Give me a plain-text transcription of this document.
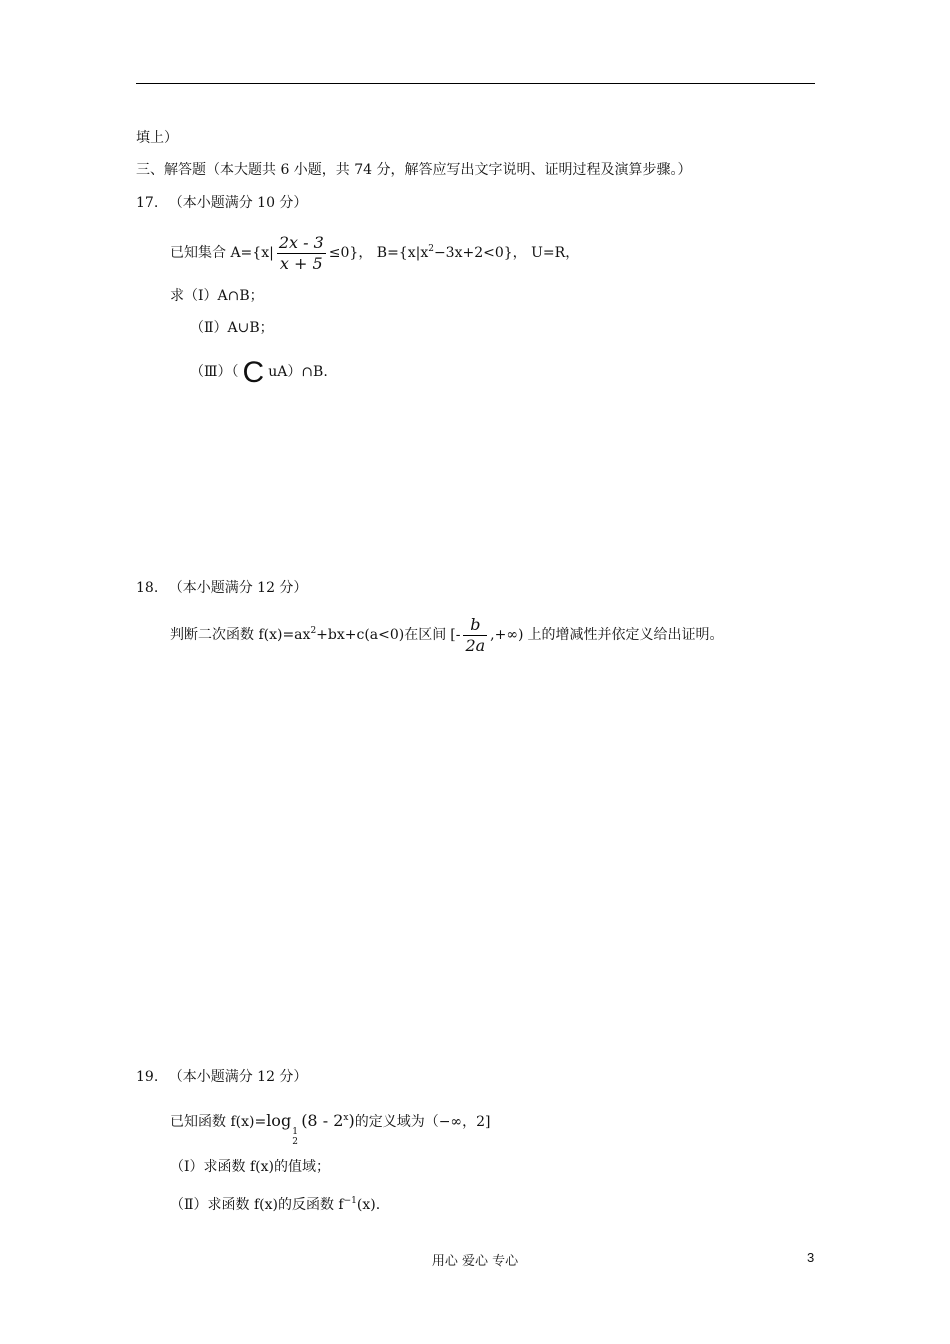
填上）
三、解答题（本大题共 6 小题，共 74 分，解答应写出文字说明、证明过程及演算步骤。）
17. （本小题满分 10 分）
已知集合 $A=\{x| \frac{2x - 3}{x + 5} \le 0\}$， $B=\{x|x^2-3x+2<0\}$， U=R，
求（Ⅰ）A∩B；
（Ⅱ）A∪B；
（Ⅲ）（ C uA）∩B.
18. （本小题满分 12 分）
判断二次函数 $f(x)=ax^2+bx+c(a<0)$在区间 [- $\frac{b}{2a}$ ,+∞) 上的增减性并依定义给出证明。
19. （本小题满分 12 分）
已知函数 f(x)=log
1
2
(8 - 2$^x$)的定义域为（−∞，2]
（Ⅰ）求函数 f(x)的值域；
（Ⅱ）求函数 f(x)的反函数 $f^{-1}(x)$.
用心 爱心 专心	3
